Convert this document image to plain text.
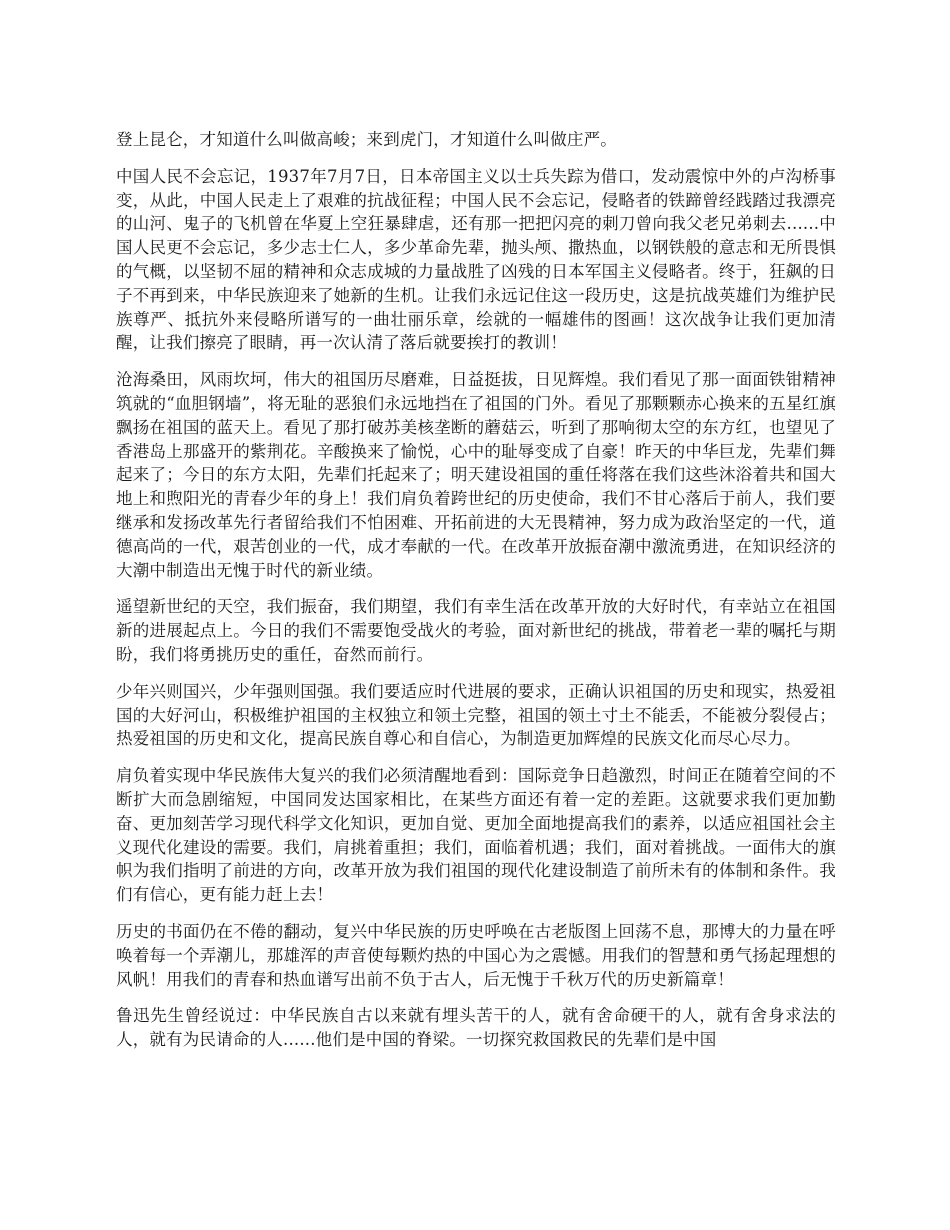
登上昆仑，才知道什么叫做高峻；来到虎门，才知道什么叫做庄严。

中国人民不会忘记，1937年7月7日，日本帝国主义以士兵失踪为借口，发动震惊中外的卢沟桥事变，从此，中国人民走上了艰难的抗战征程；中国人民不会忘记，侵略者的铁蹄曾经践踏过我漂亮的山河、鬼子的飞机曾在华夏上空狂暴肆虐，还有那一把把闪亮的刺刀曾向我父老兄弟刺去......中国人民更不会忘记，多少志士仁人，多少革命先辈，抛头颅、撒热血，以钢铁般的意志和无所畏惧的气概，以坚韧不屈的精神和众志成城的力量战胜了凶残的日本军国主义侵略者。终于，狂飙的日子不再到来，中华民族迎来了她新的生机。让我们永远记住这一段历史，这是抗战英雄们为维护民族尊严、抵抗外来侵略所谱写的一曲壮丽乐章，绘就的一幅雄伟的图画！这次战争让我们更加清醒，让我们擦亮了眼睛，再一次认清了落后就要挨打的教训！

沧海桑田，风雨坎坷，伟大的祖国历尽磨难，日益挺拔，日见辉煌。我们看见了那一面面铁钳精神筑就的“血胆钢墙”，将无耻的恶狼们永远地挡在了祖国的门外。看见了那颗颗赤心换来的五星红旗飘扬在祖国的蓝天上。看见了那打破苏美核垄断的蘑菇云，听到了那响彻太空的东方红，也望见了香港岛上那盛开的紫荆花。辛酸换来了愉悦，心中的耻辱变成了自豪！昨天的中华巨龙，先辈们舞起来了；今日的东方太阳，先辈们托起来了；明天建设祖国的重任将落在我们这些沐浴着共和国大地上和煦阳光的青春少年的身上！我们肩负着跨世纪的历史使命，我们不甘心落后于前人，我们要继承和发扬改革先行者留给我们不怕困难、开拓前进的大无畏精神，努力成为政治坚定的一代，道德高尚的一代，艰苦创业的一代，成才奉献的一代。在改革开放振奋潮中激流勇进，在知识经济的大潮中制造出无愧于时代的新业绩。

遥望新世纪的天空，我们振奋，我们期望，我们有幸生活在改革开放的大好时代，有幸站立在祖国新的进展起点上。今日的我们不需要饱受战火的考验，面对新世纪的挑战，带着老一辈的嘱托与期盼，我们将勇挑历史的重任，奋然而前行。

少年兴则国兴，少年强则国强。我们要适应时代进展的要求，正确认识祖国的历史和现实，热爱祖国的大好河山，积极维护祖国的主权独立和领土完整，祖国的领土寸土不能丢，不能被分裂侵占；热爱祖国的历史和文化，提高民族自尊心和自信心，为制造更加辉煌的民族文化而尽心尽力。

肩负着实现中华民族伟大复兴的我们必须清醒地看到：国际竞争日趋激烈，时间正在随着空间的不断扩大而急剧缩短，中国同发达国家相比，在某些方面还有着一定的差距。这就要求我们更加勤奋、更加刻苦学习现代科学文化知识，更加自觉、更加全面地提高我们的素养，以适应祖国社会主义现代化建设的需要。我们，肩挑着重担；我们，面临着机遇；我们，面对着挑战。一面伟大的旗帜为我们指明了前进的方向，改革开放为我们祖国的现代化建设制造了前所未有的体制和条件。我们有信心，更有能力赶上去！

历史的书面仍在不倦的翻动，复兴中华民族的历史呼唤在古老版图上回荡不息，那博大的力量在呼唤着每一个弄潮儿，那雄浑的声音使每颗灼热的中国心为之震憾。用我们的智慧和勇气扬起理想的风帆！用我们的青春和热血谱写出前不负于古人，后无愧于千秋万代的历史新篇章！

鲁迅先生曾经说过：中华民族自古以来就有埋头苦干的人，就有舍命硬干的人，就有舍身求法的人，就有为民请命的人......他们是中国的脊梁。一切探究救国救民的先辈们是中国
